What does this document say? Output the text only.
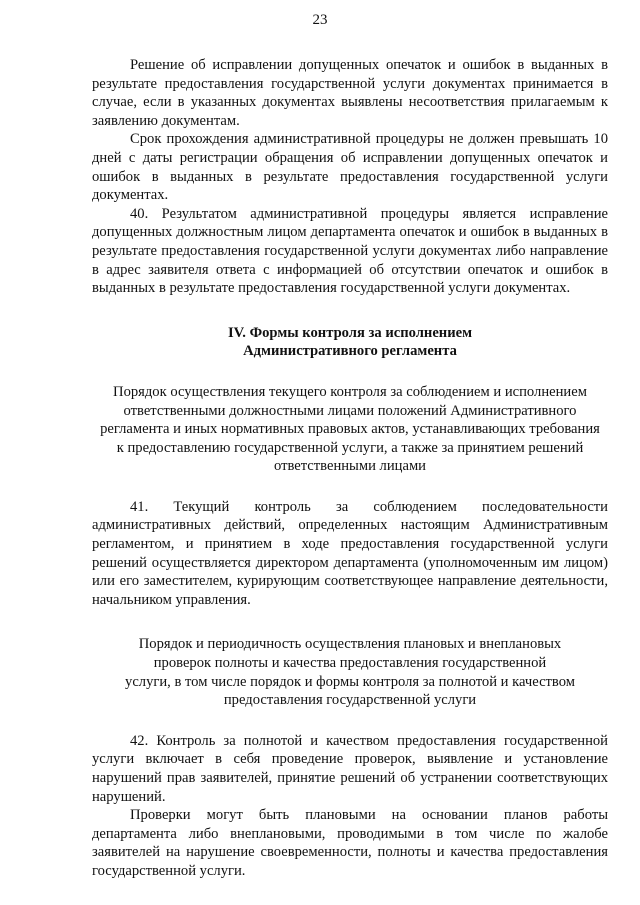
23

Решение об исправлении допущенных опечаток и ошибок в выданных в результате предоставления государственной услуги документах принимается в случае, если в указанных документах выявлены несоответствия прилагаемым к заявлению документам.

Срок прохождения административной процедуры не должен превышать 10 дней с даты регистрации обращения об исправлении допущенных опечаток и ошибок в выданных в результате предоставления государственной услуги документах.

40. Результатом административной процедуры является исправление допущенных должностным лицом департамента опечаток и ошибок в выданных в результате предоставления государственной услуги документах либо направление в адрес заявителя ответа с информацией об отсутствии опечаток и ошибок в выданных в результате предоставления государственной услуги документах.

IV. Формы контроля за исполнением
Административного регламента
Порядок осуществления текущего контроля за соблюдением и исполнением
ответственными должностными лицами положений Административного
регламента и иных нормативных правовых актов, устанавливающих требования
к предоставлению государственной услуги, а также за принятием решений
ответственными лицами

41. Текущий контроль за соблюдением последовательности административных действий, определенных настоящим Административным регламентом, и принятием в ходе предоставления государственной услуги решений осуществляется директором департамента (уполномоченным им лицом) или его заместителем, курирующим соответствующее направление деятельности, начальником управления.

Порядок и периодичность осуществления плановых и внеплановых
проверок полноты и качества предоставления государственной
услуги, в том числе порядок и формы контроля за полнотой и качеством
предоставления государственной услуги

42. Контроль за полнотой и качеством предоставления государственной услуги включает в себя проведение проверок, выявление и установление нарушений прав заявителей, принятие решений об устранении соответствующих нарушений.

Проверки могут быть плановыми на основании планов работы департамента либо внеплановыми, проводимыми в том числе по жалобе заявителей на нарушение своевременности, полноты и качества предоставления государственной услуги.
